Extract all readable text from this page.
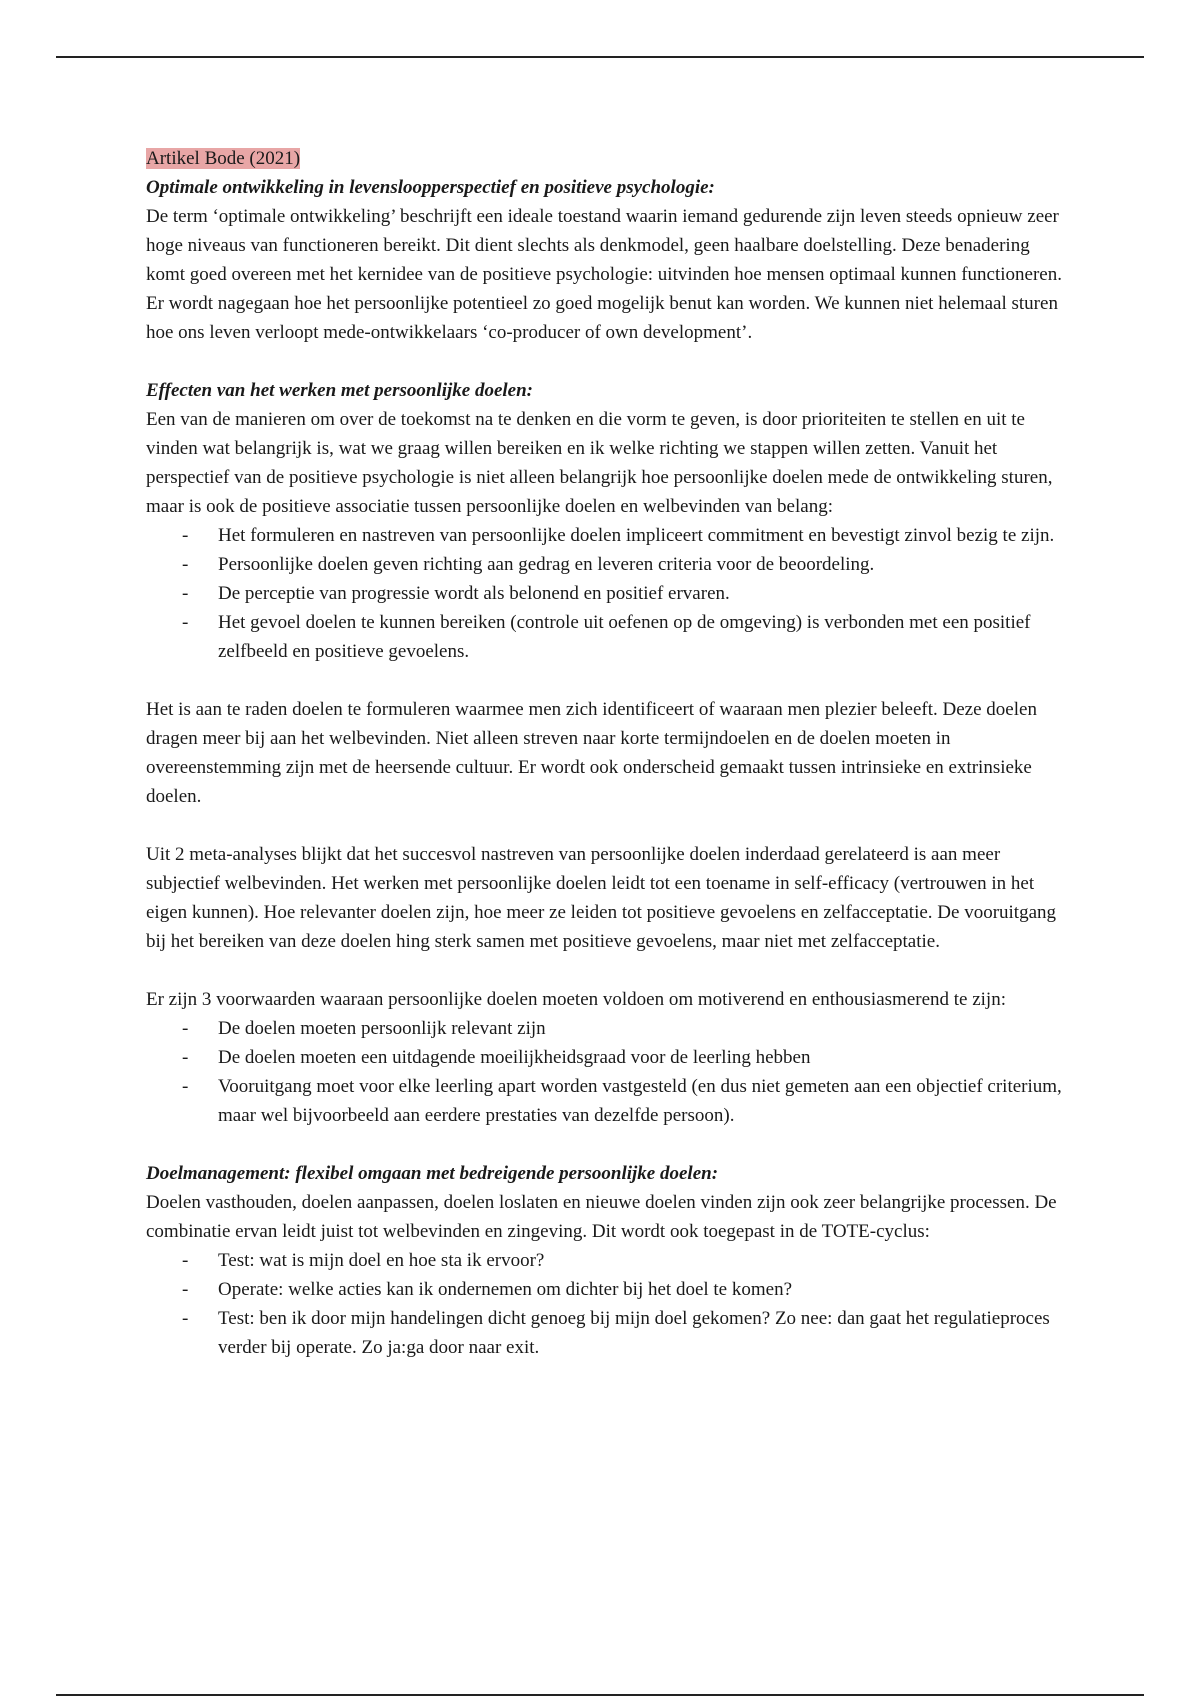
Artikel Bode (2021)

Optimale ontwikkeling in levensloopperspectief en positieve psychologie:

De term ‘optimale ontwikkeling’ beschrijft een ideale toestand waarin iemand gedurende zijn leven steeds opnieuw zeer hoge niveaus van functioneren bereikt. Dit dient slechts als denkmodel, geen haalbare doelstelling. Deze benadering komt goed overeen met het kernidee van de positieve psychologie: uitvinden hoe mensen optimaal kunnen functioneren. Er wordt nagegaan hoe het persoonlijke potentieel zo goed mogelijk benut kan worden. We kunnen niet helemaal sturen hoe ons leven verloopt mede-ontwikkelaars ‘co-producer of own development’.

Effecten van het werken met persoonlijke doelen:

Een van de manieren om over de toekomst na te denken en die vorm te geven, is door prioriteiten te stellen en uit te vinden wat belangrijk is, wat we graag willen bereiken en ik welke richting we stappen willen zetten. Vanuit het perspectief van de positieve psychologie is niet alleen belangrijk hoe persoonlijke doelen mede de ontwikkeling sturen, maar is ook de positieve associatie tussen persoonlijke doelen en welbevinden van belang:

- Het formuleren en nastreven van persoonlijke doelen impliceert commitment en bevestigt zinvol bezig te zijn.
- Persoonlijke doelen geven richting aan gedrag en leveren criteria voor de beoordeling.
- De perceptie van progressie wordt als belonend en positief ervaren.
- Het gevoel doelen te kunnen bereiken (controle uit oefenen op de omgeving) is verbonden met een positief zelfbeeld en positieve gevoelens.

Het is aan te raden doelen te formuleren waarmee men zich identificeert of waaraan men plezier beleeft. Deze doelen dragen meer bij aan het welbevinden. Niet alleen streven naar korte termijndoelen en de doelen moeten in overeenstemming zijn met de heersende cultuur. Er wordt ook onderscheid gemaakt tussen intrinsieke en extrinsieke doelen.

Uit 2 meta-analyses blijkt dat het succesvol nastreven van persoonlijke doelen inderdaad gerelateerd is aan meer subjectief welbevinden. Het werken met persoonlijke doelen leidt tot een toename in self-efficacy (vertrouwen in het eigen kunnen). Hoe relevanter doelen zijn, hoe meer ze leiden tot positieve gevoelens en zelfacceptatie. De vooruitgang bij het bereiken van deze doelen hing sterk samen met positieve gevoelens, maar niet met zelfacceptatie.

Er zijn 3 voorwaarden waaraan persoonlijke doelen moeten voldoen om motiverend en enthousiasmerend te zijn:

- De doelen moeten persoonlijk relevant zijn
- De doelen moeten een uitdagende moeilijkheidsgraad voor de leerling hebben
- Vooruitgang moet voor elke leerling apart worden vastgesteld (en dus niet gemeten aan een objectief criterium, maar wel bijvoorbeeld aan eerdere prestaties van dezelfde persoon).

Doelmanagement: flexibel omgaan met bedreigende persoonlijke doelen:

Doelen vasthouden, doelen aanpassen, doelen loslaten en nieuwe doelen vinden zijn ook zeer belangrijke processen. De combinatie ervan leidt juist tot welbevinden en zingeving. Dit wordt ook toegepast in de TOTE-cyclus:

- Test: wat is mijn doel en hoe sta ik ervoor?
- Operate: welke acties kan ik ondernemen om dichter bij het doel te komen?
- Test: ben ik door mijn handelingen dicht genoeg bij mijn doel gekomen? Zo nee: dan gaat het regulatieproces verder bij operate. Zo ja:ga door naar exit.
